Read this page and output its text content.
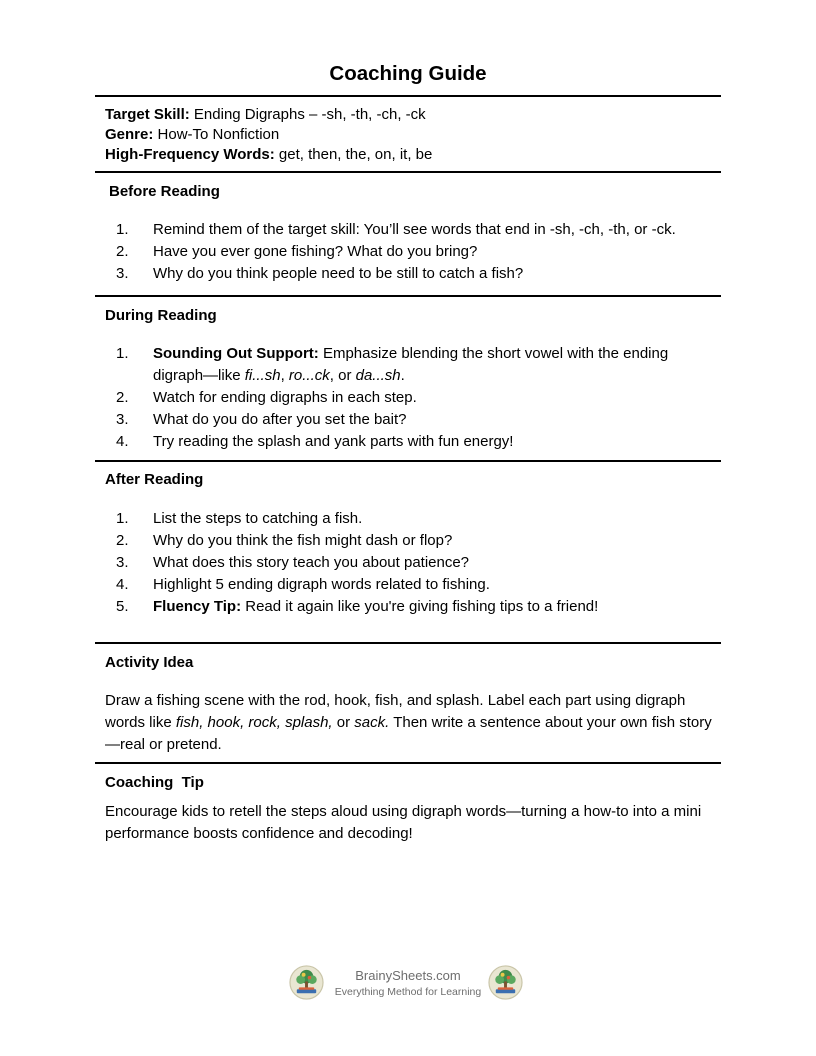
Coaching Guide
Target Skill: Ending Digraphs – -sh, -th, -ch, -ck
Genre: How-To Nonfiction
High-Frequency Words: get, then, the, on, it, be
Before Reading
1.	Remind them of the target skill: You’ll see words that end in -sh, -ch, -th, or -ck.
2.	Have you ever gone fishing? What do you bring?
3.	Why do you think people need to be still to catch a fish?
During Reading
1.	Sounding Out Support: Emphasize blending the short vowel with the ending
digraph—like fi...sh, ro...ck, or da...sh.
2.	Watch for ending digraphs in each step.
3.	What do you do after you set the bait?
4.	Try reading the splash and yank parts with fun energy!
After Reading
1.	List the steps to catching a fish.
2.	Why do you think the fish might dash or flop?
3.	What does this story teach you about patience?
4.	Highlight 5 ending digraph words related to fishing.
5.	Fluency Tip: Read it again like you're giving fishing tips to a friend!
Activity Idea
Draw a fishing scene with the rod, hook, fish, and splash. Label each part using digraph words like fish, hook, rock, splash, or sack. Then write a sentence about your own fish story—real or pretend.
Coaching  Tip
Encourage kids to retell the steps aloud using digraph words—turning a how-to into a mini performance boosts confidence and decoding!
BrainySheets.com
Everything Method for Learning
